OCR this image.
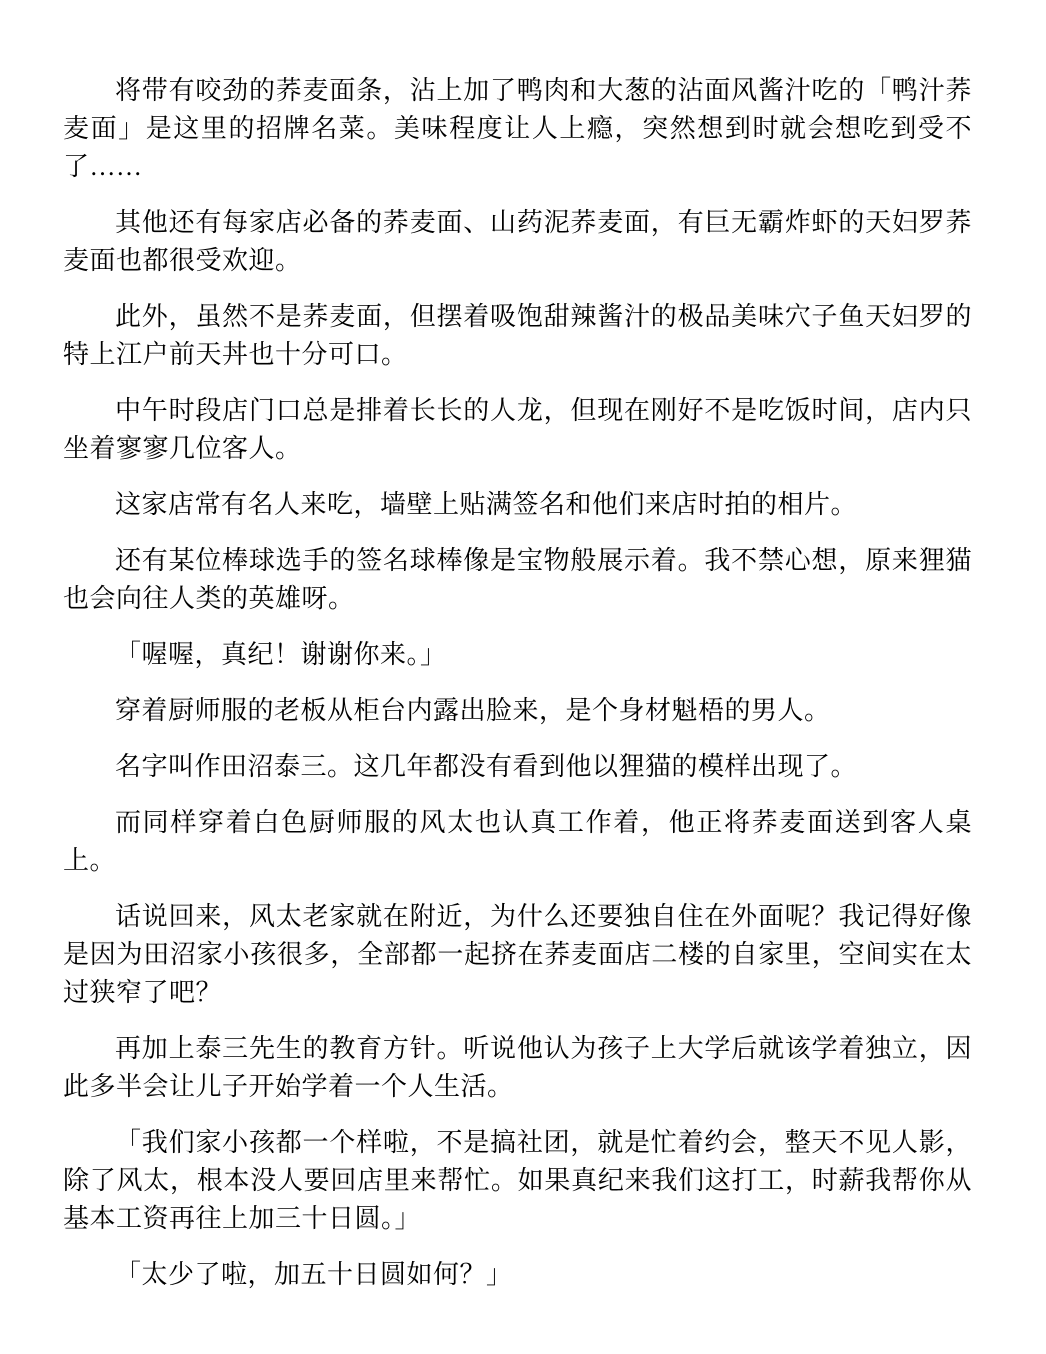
将带有咬劲的荞麦面条，沾上加了鸭肉和大葱的沾面风酱汁吃的「鸭汁荞麦面」是这里的招牌名菜。美味程度让人上瘾，突然想到时就会想吃到受不了……

其他还有每家店必备的荞麦面、山药泥荞麦面，有巨无霸炸虾的天妇罗荞麦面也都很受欢迎。

此外，虽然不是荞麦面，但摆着吸饱甜辣酱汁的极品美味穴子鱼天妇罗的特上江户前天丼也十分可口。

中午时段店门口总是排着长长的人龙，但现在刚好不是吃饭时间，店内只坐着寥寥几位客人。

这家店常有名人来吃，墙壁上贴满签名和他们来店时拍的相片。

还有某位棒球选手的签名球棒像是宝物般展示着。我不禁心想，原来狸猫也会向往人类的英雄呀。

「喔喔，真纪！谢谢你来。」

穿着厨师服的老板从柜台内露出脸来，是个身材魁梧的男人。

名字叫作田沼泰三。这几年都没有看到他以狸猫的模样出现了。

而同样穿着白色厨师服的风太也认真工作着，他正将荞麦面送到客人桌上。

话说回来，风太老家就在附近，为什么还要独自住在外面呢？我记得好像是因为田沼家小孩很多，全部都一起挤在荞麦面店二楼的自家里，空间实在太过狭窄了吧？

再加上泰三先生的教育方针。听说他认为孩子上大学后就该学着独立，因此多半会让儿子开始学着一个人生活。

「我们家小孩都一个样啦，不是搞社团，就是忙着约会，整天不见人影，除了风太，根本没人要回店里来帮忙。如果真纪来我们这打工，时薪我帮你从基本工资再往上加三十日圆。」

「太少了啦，加五十日圆如何？」
